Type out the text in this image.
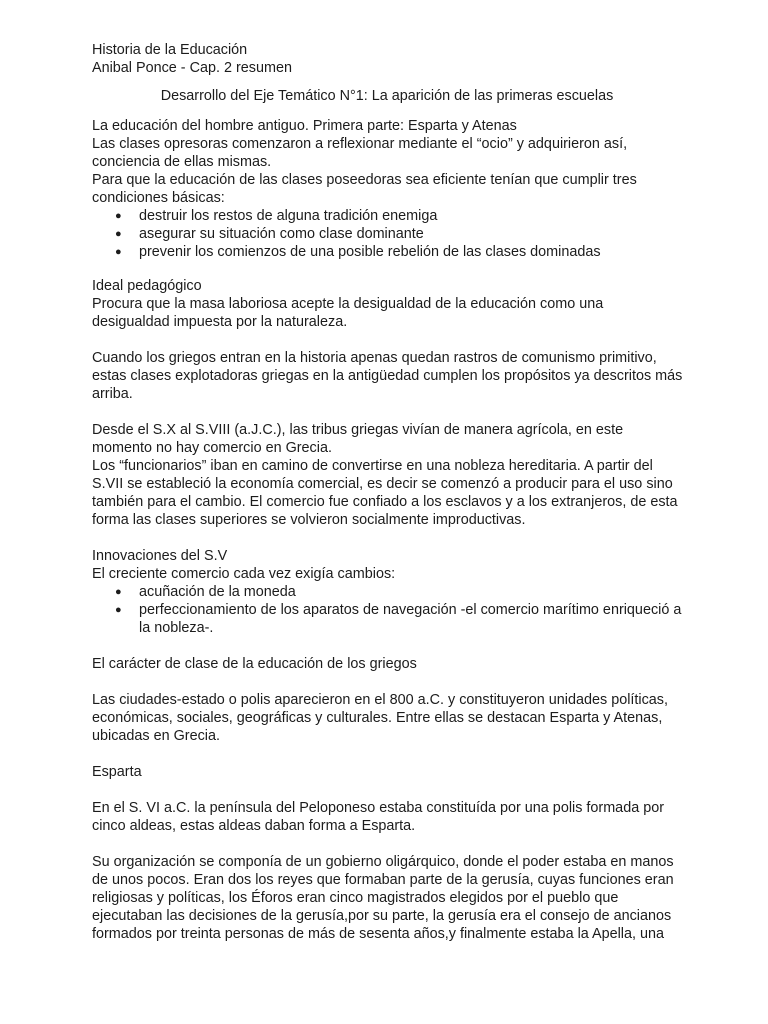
Historia de la Educación
Anibal Ponce - Cap. 2 resumen
Desarrollo del Eje Temático N°1: La aparición de las primeras escuelas
La educación del hombre antiguo. Primera parte: Esparta y Atenas
Las clases opresoras comenzaron a reflexionar mediante el “ocio” y adquirieron así,
conciencia de ellas mismas.
Para que la educación de las clases poseedoras sea eficiente tenían que cumplir tres
condiciones básicas:
● destruir los restos de alguna tradición enemiga
● asegurar su situación como clase dominante
● prevenir los comienzos de una posible rebelión de las clases dominadas
Ideal pedagógico
Procura que la masa laboriosa acepte la desigualdad de la educación como una
desigualdad impuesta por la naturaleza.
Cuando los griegos entran en la historia apenas quedan rastros de comunismo primitivo,
estas clases explotadoras griegas en la antigüedad cumplen los propósitos ya descritos más
arriba.
Desde el S.X al S.VIII (a.J.C.), las tribus griegas vivían de manera agrícola, en este
momento no hay comercio en Grecia.
Los “funcionarios” iban en camino de convertirse en una nobleza hereditaria. A partir del
S.VII se estableció la economía comercial, es decir se comenzó a producir para el uso sino
también para el cambio. El comercio fue confiado a los esclavos y a los extranjeros, de esta
forma las clases superiores se volvieron socialmente improductivas.
Innovaciones del S.V
El creciente comercio cada vez exigía cambios:
● acuñación de la moneda
● perfeccionamiento de los aparatos de navegación -el comercio marítimo enriqueció a
la nobleza-.
El carácter de clase de la educación de los griegos
Las ciudades-estado o polis aparecieron en el 800 a.C. y constituyeron unidades políticas,
económicas, sociales, geográficas y culturales. Entre ellas se destacan Esparta y Atenas,
ubicadas en Grecia.
Esparta
En el S. VI a.C. la península del Peloponeso estaba constituída por una polis formada por
cinco aldeas, estas aldeas daban forma a Esparta.
Su organización se componía de un gobierno oligárquico, donde el poder estaba en manos
de unos pocos. Eran dos los reyes que formaban parte de la gerusía, cuyas funciones eran
religiosas y políticas, los Éforos eran cinco magistrados elegidos por el pueblo que
ejecutaban las decisiones de la gerusía,por su parte, la gerusía era el consejo de ancianos
formados por treinta personas de más de sesenta años,y finalmente estaba la Apella, una
